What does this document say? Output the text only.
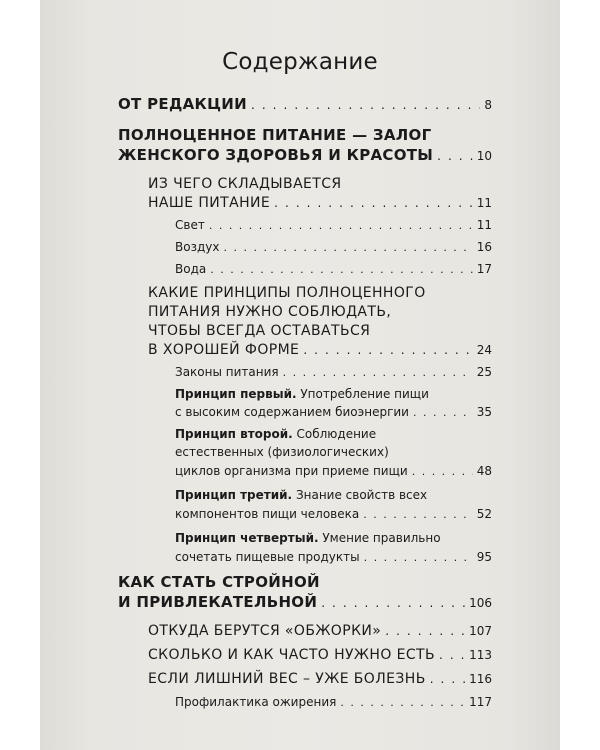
Содержание
ОТ РЕДАКЦИИ . . .	8
ПОЛНОЦЕННОЕ ПИТАНИЕ — ЗАЛОГ
ЖЕНСКОГО ЗДОРОВЬЯ И КРАСОТЫ . . .	10
ИЗ ЧЕГО СКЛАДЫВАЕТСЯ
НАШЕ ПИТАНИЕ . . .	11
Свет . . .	11
Воздух . . .	16
Вода . . .	17
КАКИЕ ПРИНЦИПЫ ПОЛНОЦЕННОГО
ПИТАНИЯ НУЖНО СОБЛЮДАТЬ,
ЧТОБЫ ВСЕГДА ОСТАВАТЬСЯ
В ХОРОШЕЙ ФОРМЕ . . .	24
Законы питания . . .	25
Принцип первый. Употребление пищи
с высоким содержанием биоэнергии . . .	35
Принцип второй. Соблюдение
естественных (физиологических)
циклов организма при приеме пищи . . .	48
Принцип третий. Знание свойств всех
компонентов пищи человека . . .	52
Принцип четвертый. Умение правильно
сочетать пищевые продукты . . .	95
КАК СТАТЬ СТРОЙНОЙ
И ПРИВЛЕКАТЕЛЬНОЙ . . .	106
ОТКУДА БЕРУТСЯ «ОБЖОРКИ» . . .	107
СКОЛЬКО И КАК ЧАСТО НУЖНО ЕСТЬ . . .	113
ЕСЛИ ЛИШНИЙ ВЕС – УЖЕ БОЛЕЗНЬ . . .	116
Профилактика ожирения . . .	117
